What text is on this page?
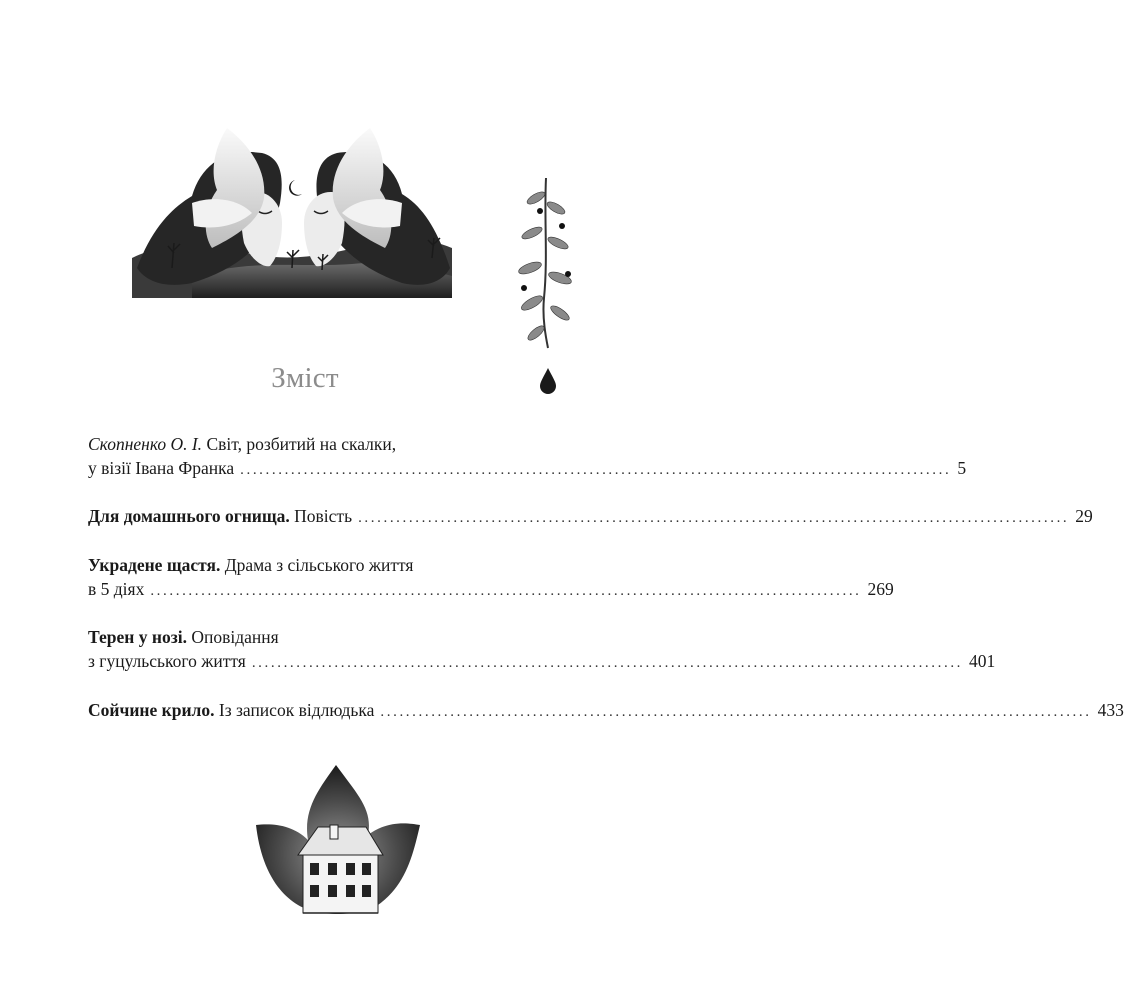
Зміст
Скопненко О. І.
Світ, розбитий на скалки,
у візії Івана Франка ................................................................................................................ 5
Для домашнього огнища.
Повість ................................................................................................................ 29
Украдене щастя.
Драма з сільського життя
в 5 діях ................................................................................................................ 269
Терен у нозі.
Оповідання
з гуцульського життя ................................................................................................................ 401
Сойчине крило.
Із записок відлюдька ................................................................................................................ 433
